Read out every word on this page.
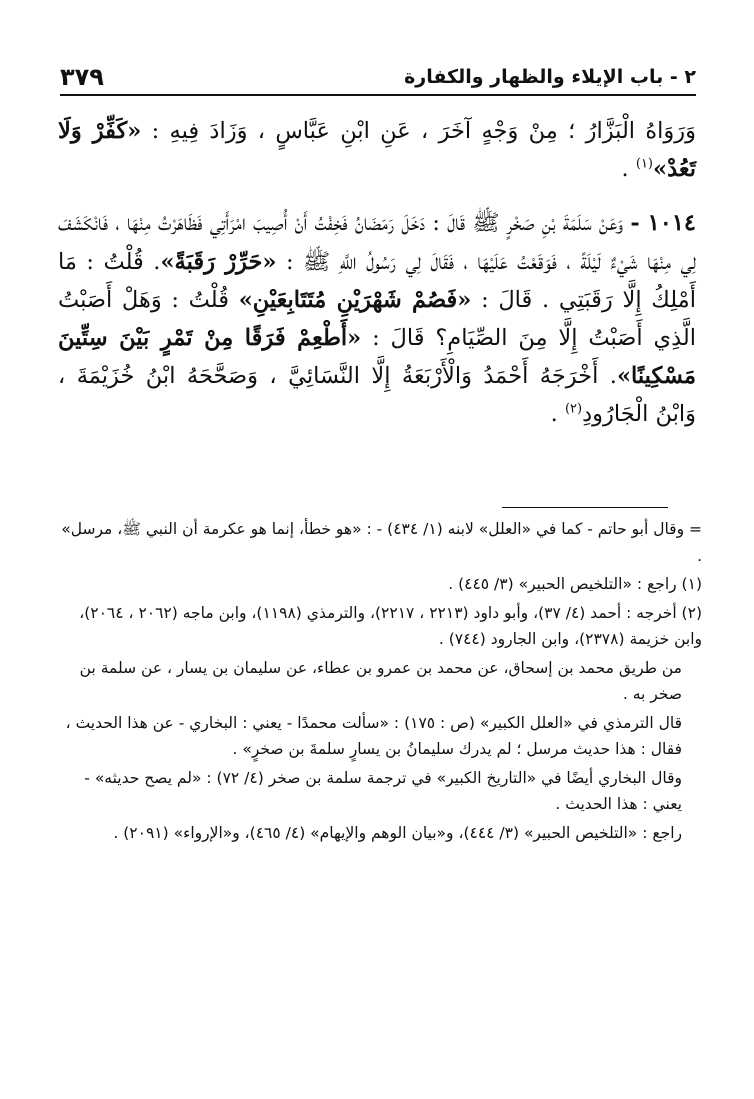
٣٧٩	٢ - باب الإيلاء والظهار والكفارة

وَرَوَاهُ الْبَزَّارُ ؛ مِنْ وَجْهٍ آخَرَ ، عَنِ ابْنِ عَبَّاسٍ ، وَزَادَ فِيهِ : «كَفِّرْ وَلَا تَعُدْ»$^{(١)}$ .

١٠١٤ - وَعَنْ سَلَمَةَ بْنِ صَخْرٍ ﷺ قَالَ : دَخَلَ رَمَضَانُ فَخِفْتُ أَنْ أُصِيبَ امْرَأَتِي فَظَاهَرْتُ مِنْهَا ، فَانْكَشَفَ لِي مِنْهَا شَيْءٌ لَيْلَةً ، فَوَقَعْتُ عَلَيْهَا ، فَقَالَ لِي رَسُولُ اللَّهِ ﷺ : «حَرِّرْ رَقَبَةً». قُلْتُ : مَا أَمْلِكُ إِلَّا رَقَبَتِي . قَالَ : «فَصُمْ شَهْرَيْنِ مُتَتَابِعَيْنِ» قُلْتُ : وَهَلْ أَصَبْتُ الَّذِي أَصَبْتُ إِلَّا مِنَ الصِّيَامِ؟ قَالَ : «أَطْعِمْ فَرَقًا مِنْ تَمْرٍ بَيْنَ سِتِّينَ مَسْكِينًا». أَخْرَجَهُ أَحْمَدُ وَالْأَرْبَعَةُ إِلَّا النَّسَائِيَّ ، وَصَحَّحَهُ ابْنُ خُزَيْمَةَ ، وَابْنُ الْجَارُودِ$^{(٢)}$ .

= وقال أبو حاتم - كما في «العلل» لابنه (١/ ٤٣٤) - : «هو خطأ، إنما هو عكرمة أن النبي ﷺ، مرسل» .

(١) راجع : «التلخيص الحبير» (٣/ ٤٤٥) .

(٢) أخرجه : أحمد (٤/ ٣٧)، وأبو داود (٢٢١٣ ، ٢٢١٧)، والترمذي (١١٩٨)، وابن ماجه (٢٠٦٢ ، ٢٠٦٤)، وابن خزيمة (٢٣٧٨)، وابن الجارود (٧٤٤) .

من طريق محمد بن إسحاق، عن محمد بن عمرو بن عطاء، عن سليمان بن يسار ، عن سلمة بن صخر به .

قال الترمذي في «العلل الكبير» (ص : ١٧٥) : «سألت محمدًا - يعني : البخاري - عن هذا الحديث ، فقال : هذا حديث مرسل ؛ لم يدرك سليمانُ بن يسارٍ سلمةَ بن صخرٍ» .

وقال البخاري أيضًا في «التاريخ الكبير» في ترجمة سلمة بن صخر (٤/ ٧٢) : «لم يصح حديثه» - يعني : هذا الحديث .

راجع : «التلخيص الحبير» (٣/ ٤٤٤)، و«بيان الوهم والإيهام» (٤/ ٤٦٥)، و«الإرواء» (٢٠٩١) .
